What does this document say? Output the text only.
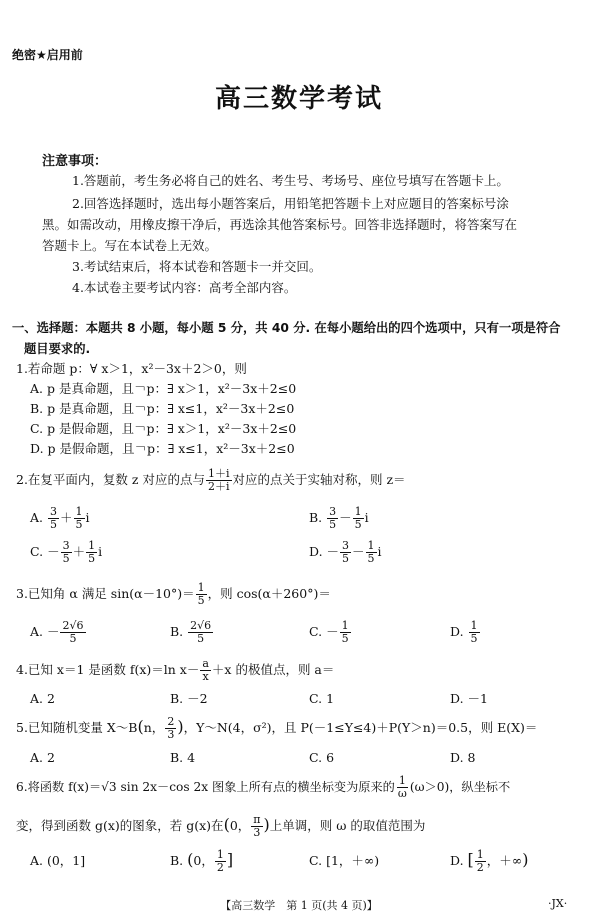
绝密★启用前
高三数学考试
注意事项：
1.答题前，考生务必将自己的姓名、考生号、考场号、座位号填写在答题卡上。
2.回答选择题时，选出每小题答案后，用铅笔把答题卡上对应题目的答案标号涂
黑。如需改动，用橡皮擦干净后，再选涂其他答案标号。回答非选择题时，将答案写在
答题卡上。写在本试卷上无效。
3.考试结束后，将本试卷和答题卡一并交回。
4.本试卷主要考试内容：高考全部内容。
一、选择题：本题共 8 小题，每小题 5 分，共 40 分. 在每小题给出的四个选项中，只有一项是符合
题目要求的.
1.若命题 p：∀ x＞1，x²－3x＋2＞0，则
A. p 是真命题，且￢p：∃ x＞1，x²－3x＋2≤0
B. p 是真命题，且￢p：∃ x≤1，x²－3x＋2≤0
C. p 是假命题，且￢p：∃ x＞1，x²－3x＋2≤0
D. p 是假命题，且￢p：∃ x≤1，x²－3x＋2≤0
2.在复平面内，复数 z 对应的点与 $\frac{1+i}{2+i}$ 对应的点关于实轴对称，则 z＝
A. $\frac{3}{5} + \frac{1}{5}$ i	B. $\frac{3}{5} - \frac{1}{5}$ i
C. － $\frac{3}{5} + \frac{1}{5}$ i	D. － $\frac{3}{5} - \frac{1}{5}$ i
3.已知角 α 满足 $\sin(\alpha-10^\circ)= \frac{1}{5}$ ，则 cos(α＋260°)＝
A. － $\frac{2√6}{5}$	B. $\frac{2√6}{5}$	C. － $\frac{1}{5}$	D. $\frac{1}{5}$
4.已知 x＝1 是函数 f(x)＝ln $x- \frac{a}{x} +x$ 的极值点，则 a＝
A. 2	B. －2	C. 1	D. －1
5.已知随机变量 X～B(n， $\frac{2}{3}$ )，Y～N(4，σ²)，且 P(－1≤Y≤4)＋P(Y＞n)＝0.5，则 E(X)＝
A. 2	B. 4	C. 6	D. 8
6.将函数 f(x)＝√3 sin 2x－cos 2x 图象上所有点的横坐标变为原来的 $\frac{1}{\omega} (\omega>0)$，纵坐标不
变，得到函数 g(x)的图象，若 g(x)在(0， $\frac{\pi}{3}$ )上单调，则 ω 的取值范围为
A. (0，1]	B. (0， $\frac{1}{2}$ ]	C. [1，＋∞)	D. [ $\frac{1}{2}$ ，＋∞)
【高三数学　第 1 页(共 4 页)】	·JX·
